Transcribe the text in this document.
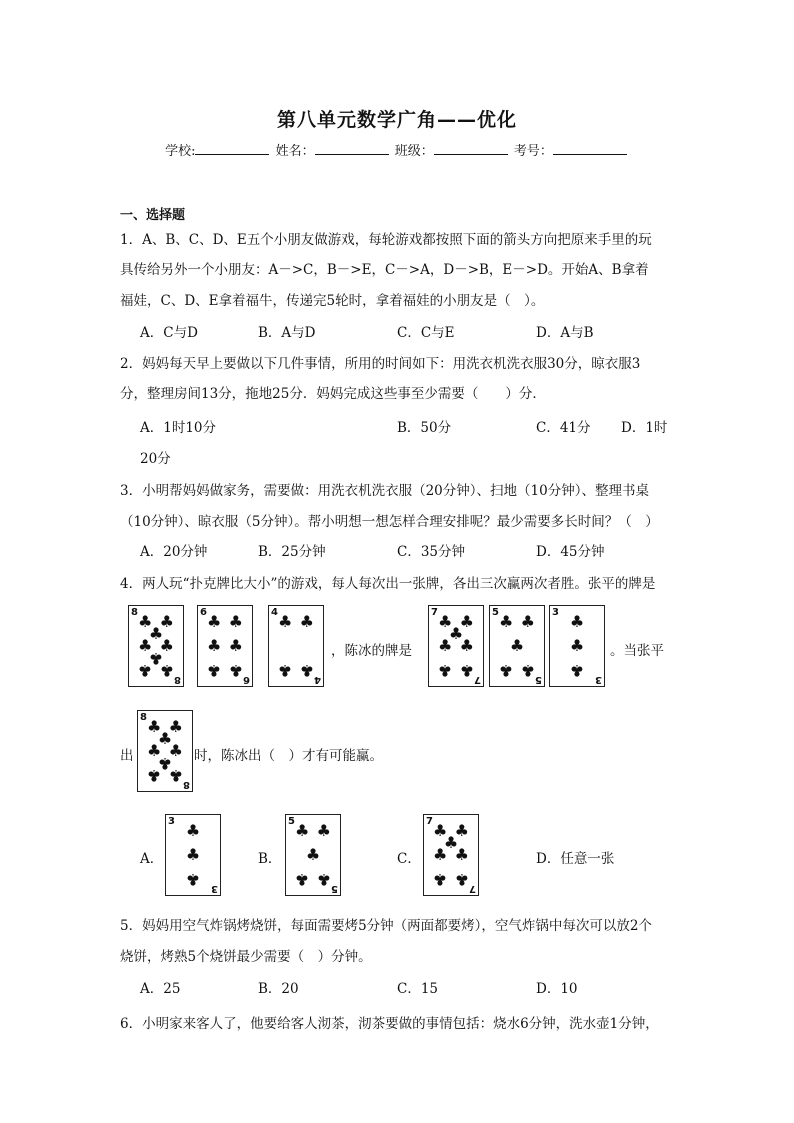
第八单元数学广角——优化
学校:	姓名：	班级：	考号：
一、选择题
1．A、B、C、D、E五个小朋友做游戏，每轮游戏都按照下面的箭头方向把原来手里的玩
具传给另外一个小朋友：A－>C，B－>E，C－>A，D－>B，E－>D。开始A、B拿着
福娃，C、D、E拿着福牛，传递完5轮时，拿着福娃的小朋友是（　）。
A．C与D	B．A与D	C．C与E	D．A与B
2．妈妈每天早上要做以下几件事情，所用的时间如下：用洗衣机洗衣服30分，晾衣服3
分，整理房间13分，拖地25分．妈妈完成这些事至少需要（　　）分．
A．1时10分	B．50分	C．41分 D．1时
20分
3．小明帮妈妈做家务，需要做：用洗衣机洗衣服（20分钟）、扫地（10分钟）、整理书桌
（10分钟）、晾衣服（5分钟）。帮小明想一想怎样合理安排呢？最少需要多长时间？（　）
A．20分钟	B．25分钟	C．35分钟	D．45分钟
4．两人玩“扑克牌比大小”的游戏，每人每次出一张牌，各出三次赢两次者胜。张平的牌是
8
8
♣ ♣
♣
♣ ♣
♣
♣ ♣
6
6
♣ ♣
♣ ♣
♣ ♣
4
4
♣ ♣
♣ ♣
，陈冰的牌是
7
7
♣ ♣
♣
♣ ♣
♣ ♣
5
5
♣ ♣
♣
♣ ♣
3
3
♣
♣
♣
。当张平
出
8
8
♣ ♣
♣
♣ ♣
♣
♣ ♣
时，陈冰出（　）才有可能赢。
A．	B．	C．	D．任意一张
3
3
♣
♣
♣
5
5
♣ ♣
♣
♣ ♣
7
7
♣ ♣
♣
♣ ♣
♣ ♣
5．妈妈用空气炸锅烤烧饼，每面需要烤5分钟（两面都要烤），空气炸锅中每次可以放2个
烧饼，烤熟5个烧饼最少需要（　）分钟。
A．25	B．20	C．15	D．10
6．小明家来客人了，他要给客人沏茶，沏茶要做的事情包括：烧水6分钟，洗水壶1分钟，
